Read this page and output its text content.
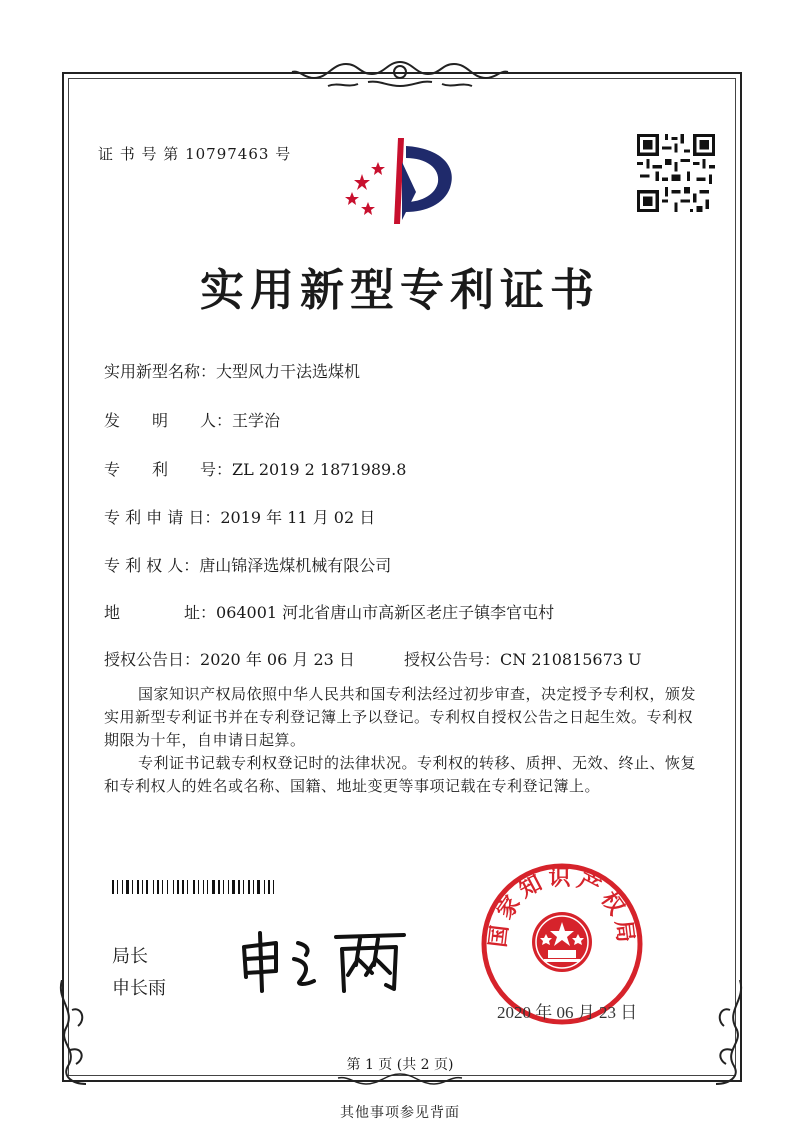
证 书 号 第 10797463 号
实用新型专利证书
实用新型名称：大型风力干法选煤机
发　　明　　人：王学治
专　　利　　号：ZL 2019 2 1871989.8
专 利 申 请 日：2019 年 11 月 02 日
专 利 权 人：唐山锦泽选煤机械有限公司
地　　　　址：064001 河北省唐山市高新区老庄子镇李官屯村
授权公告日：2020 年 06 月 23 日	授权公告号：CN 210815673 U
国家知识产权局依照中华人民共和国专利法经过初步审查，决定授予专利权，颁发实用新型专利证书并在专利登记簿上予以登记。专利权自授权公告之日起生效。专利权期限为十年，自申请日起算。
专利证书记载专利权登记时的法律状况。专利权的转移、质押、无效、终止、恢复和专利权人的姓名或名称、国籍、地址变更等事项记载在专利登记簿上。
局长
申长雨
国家知识产权局
2020 年 06 月 23 日
第 1 页 (共 2 页)
其他事项参见背面
